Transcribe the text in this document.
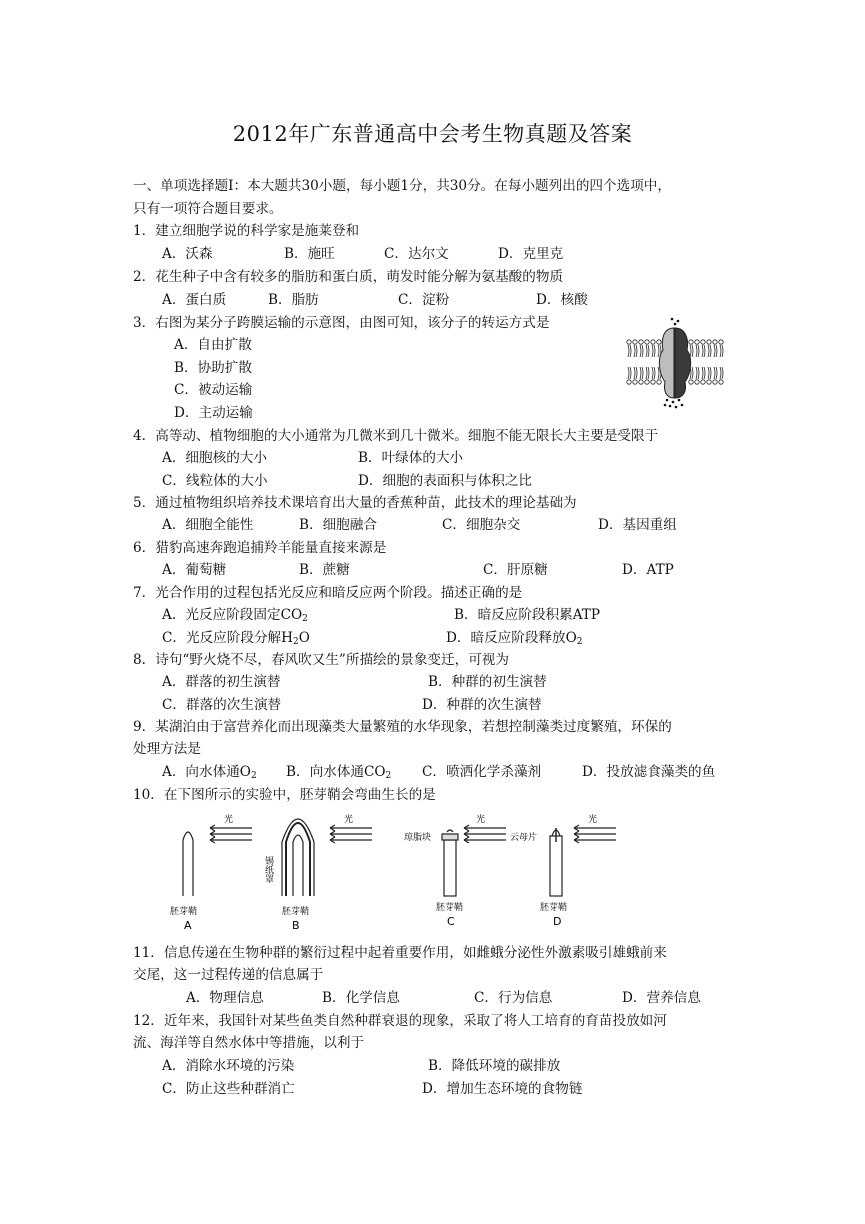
2012年广东普通高中会考生物真题及答案
一、单项选择题I：本大题共30小题，每小题1分，共30分。在每小题列出的四个选项中，
只有一项符合题目要求。
1．建立细胞学说的科学家是施莱登和
A．沃森	B．施旺	C．达尔文	D．克里克
2．花生种子中含有较多的脂肪和蛋白质，萌发时能分解为氨基酸的物质
A．蛋白质	B．脂肪	C．淀粉	D．核酸
3．右图为某分子跨膜运输的示意图，由图可知，该分子的转运方式是
A．自由扩散
B．协助扩散
C．被动运输
D．主动运输
4．高等动、植物细胞的大小通常为几微米到几十微米。细胞不能无限长大主要是受限于
A．细胞核的大小	B．叶绿体的大小
C．线粒体的大小	D．细胞的表面积与体积之比
5．通过植物组织培养技术课培育出大量的香蕉种苗，此技术的理论基础为
A．细胞全能性	B．细胞融合	C．细胞杂交	D．基因重组
6．猎豹高速奔跑追捕羚羊能量直接来源是
A．葡萄糖	B．蔗糖	C．肝原糖	D．ATP
7．光合作用的过程包括光反应和暗反应两个阶段。描述正确的是
A．光反应阶段固定$CO_2$	B．暗反应阶段积累ATP
C．光反应阶段分解$H_2O$	D．暗反应阶段释放$O_2$
8．诗句“野火烧不尽，春风吹又生”所描绘的景象变迁，可视为
A．群落的初生演替	B．种群的初生演替
C．群落的次生演替	D．种群的次生演替
9．某湖泊由于富营养化而出现藻类大量繁殖的水华现象，若想控制藻类过度繁殖，环保的
处理方法是
A．向水体通$O_2$ B．向水体通$CO_2$ C．喷洒化学杀藻剂	D．投放滤食藻类的鱼
10．在下图所示的实验中，胚芽鞘会弯曲生长的是
光
胚芽鞘
A
光
锡纸罩
胚芽鞘
B
光
琼脂块
胚芽鞘
C
光
云母片
胚芽鞘
D
11．信息传递在生物种群的繁衍过程中起着重要作用，如雌蛾分泌性外激素吸引雄蛾前来
交尾，这一过程传递的信息属于
A．物理信息	B．化学信息	C．行为信息	D．营养信息
12．近年来，我国针对某些鱼类自然种群衰退的现象，采取了将人工培育的育苗投放如河
流、海洋等自然水体中等措施，以利于
A．消除水环境的污染	B．降低环境的碳排放
C．防止这些种群消亡	D．增加生态环境的食物链
